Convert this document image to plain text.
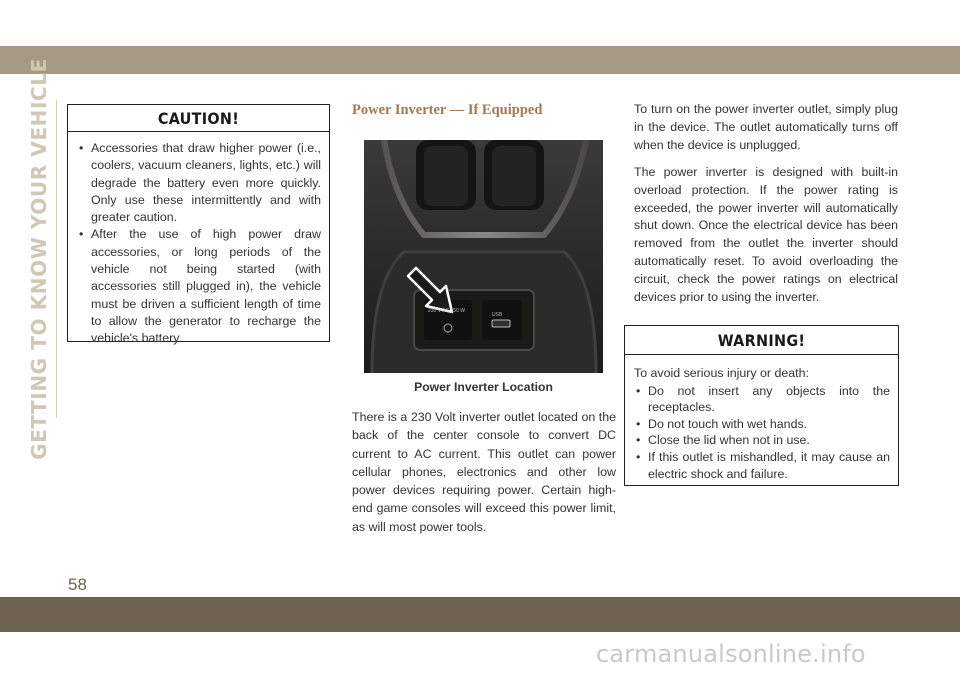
carmanualsonline.info
GETTING TO KNOW YOUR VEHICLE
58
CAUTION!
• Accessories that draw higher power (i.e., coolers, vacuum cleaners, lights, etc.) will degrade the battery even more quickly. Only use these intermittently and with greater caution.
• After the use of high power draw accessories, or long periods of the vehicle not being started (with accessories still plugged in), the vehicle must be driven a sufficient length of time to allow the generator to recharge the vehicle's battery.
Power Inverter — If Equipped
230 V AC 150 W
USB
Power Inverter Location
There is a 230 Volt inverter outlet located on the back of the center console to convert DC current to AC current. This outlet can power cellular phones, electronics and other low power devices requiring power. Certain high-end game consoles will exceed this power limit, as will most power tools.

To turn on the power inverter outlet, simply plug in the device. The outlet automatically turns off when the device is unplugged.

The power inverter is designed with built-in overload protection. If the power rating is exceeded, the power inverter will automatically shut down. Once the electrical device has been removed from the outlet the inverter should automatically reset. To avoid overloading the circuit, check the power ratings on electrical devices prior to using the inverter.

WARNING!

To avoid serious injury or death:

• Do not insert any objects into the receptacles.
• Do not touch with wet hands.
• Close the lid when not in use.
• If this outlet is mishandled, it may cause an electric shock and failure.
